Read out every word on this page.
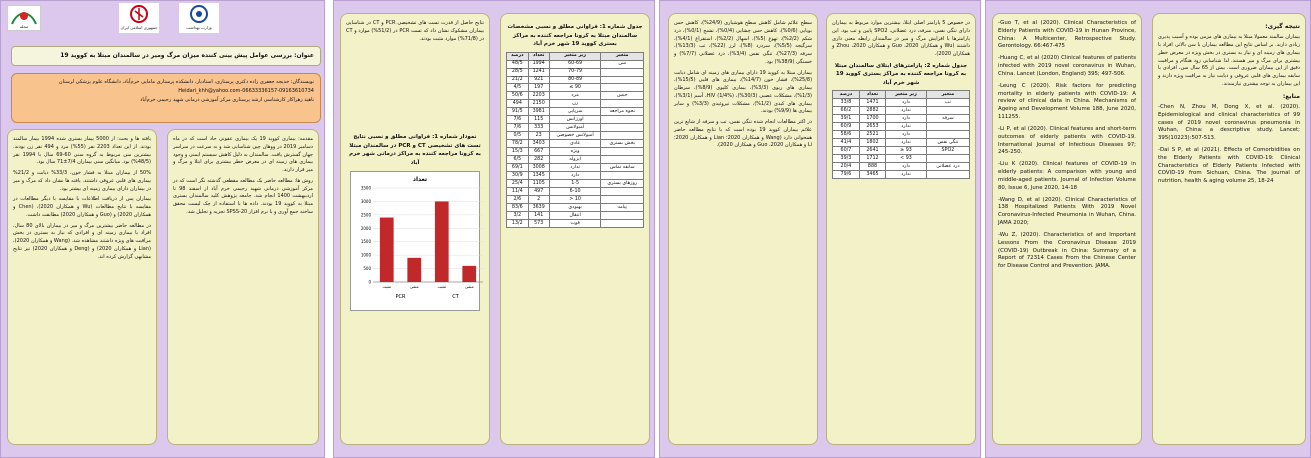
مجله	جمهوری اسلامی ایران	وزارت بهداشت
عنوان: بررسی عوامل پیش بینی کننده میزان مرگ ومیر در سالمندان مبتلا به کووید 19
نویسندگان: خدیجه جعفری زاده دکتری پرستاری، استادیار، دانشکده پرستاری مامایی خرم‌آباد، دانشگاه علوم پزشکی لرستان
Heidari_khh@yahoo.com-06633336157-09163610734
ناهید زهراکار کارشناسی ارشد پرستاری مرکز آموزشی درمانی شهید رحیمی خرم‌آباد

یافته ها و بحث: از 5000 بیمار بستری شده 1994 بیمار سالمند بودند. از این تعداد 2203 نفر (55%) مرد و 494 نفر زن بودند. بیشترین سن مربوط به گروه سنی 60-69 سال با 1994 نفر (48/5%) بود. میانگین سنی بیماران 7/4±71 سال بود.

50% از بیماران مبتلا به فشار خون، 33/3% دیابت و 21/2% بیماری های قلبی عروقی داشتند. یافته ها نشان داد که مرگ و میر در بیماران دارای بیماری زمینه ای بیشتر بود.

بیماران پس از دریافت اطلاعات با مقایسه با دیگر مطالعات در مقایسه با نتایج مطالعات (Wu و همکاران 2020)، (Chen و همکاران 2020) و (Guo و همکاران 2020) مطابقت داشت.

در مطالعه حاضر بیشترین مرگ و میر در بیماران بالای 80 سال، افراد با بیماری زمینه ای و افرادی که نیاز به بستری در بخش مراقبت های ویژه داشتند مشاهده شد. (Wang و همکاران 2020)، (Lian و همکاران 2020) و (Deng و همکاران 2020) نیز نتایج مشابهی گزارش کرده اند.

مقدمه: بیماری کووید 19 یک بیماری عفونی حاد است که در ماه دسامبر 2019 در ووهان چین شناسایی شد و به سرعت در سراسر جهان گسترش یافت. سالمندان به دلیل کاهش سیستم ایمنی و وجود بیماری های زمینه ای در معرض خطر بیشتری برای ابتلا و مرگ و میر قرار دارند.

روش ها: مطالعه حاضر یک مطالعه مقطعی گذشته نگر است که در مرکز آموزشی درمانی شهید رحیمی خرم آباد از اسفند 98 تا اردیبهشت 1400 انجام شد. جامعه پژوهش کلیه سالمندان بستری مبتلا به کووید 19 بودند. داده ها با استفاده از چک لیست محقق ساخته جمع آوری و با نرم افزار SPSS-20 تجزیه و تحلیل شد.

نتایج حاصل از قدرت تست های تشخیصی PCR و CT در شناسایی بیماران مشکوک نشان داد که تست PCR در (51/2%) موارد و CT در (71/8%) موارد مثبت بودند.

نمودار شماره 1: فراوانی مطلق و نسبی نتایج تست های تشخیصی CT و PCR در سالمندان مبتلا به کرونا مراجعه کننده به مراکز درمانی شهر خرم آباد
تعداد
0
500
1000
1500
2000
2500
3000
3500
مثبت	منفی	مثبت	منفی
PCR	CT
جدول شماره 1: فراوانی مطلق و نسبی مشخصات سالمندان مبتلا به کرونا مراجعه کننده به مراکز بستری کووید 19 شهر خرم آباد
متغیر	زیر متغیر	تعداد	درصد
سن	60-69	1994	48/5
	70-79	1241	28/5
	80-89	921	21/2
	90 ≥	197	4/5
جنس	مرد	2203	50/6
	زن	2150	494
نحوه مراجعه	سرپایی	3981	91/5
	اورژانس	115	7/6
	آمبولانس	333	7/6
	آمبولانس خصوصی	23	0/5
بخش بستری	عادی	3403	78/2
	ویژه	667	15/3
	ایزوله	282	6/5
سابقه تماس	ندارد	3008	69/1
	دارد	1345	30/9
روزهای بستری	1-5	1105	25/4
	6-10	497	11/4
	10 <	2	2/6
پیامد	بهبودی	3639	83/6
	انتقال	141	3/2
	فوت	573	13/2

سطح علائم شامل کاهش سطح هوشیاری (24/9%)، کاهش حس بویایی (0/6%)، کاهش حس چشایی (0/4%)، تشنج (0/1%)، درد شکم (2/2%)، تهوع (5%)، اسهال (2/2%)، استفراغ (4/1%)، سرگیجه (5/5%)، سردرد (8%)، لرز (22%)، تب (13/3%)، سرفه (27/3%)، تنگی نفس (3/4%)، درد عضلانی (7/7%) و خستگی (38/9%) بود.

بیماران مبتلا به کووید 19 دارای بیماری های زمینه ای شامل دیابت (25/8%)، فشار خون (14/7%)، بیماری های قلبی (15/5%)، بیماری های ریوی (3/3%)، بیماری کلیوی (8/9%)، سرطان (1/3%)، مشکلات عصبی (30/3%)، HIV (1/4%)، آسم (3/1%)، بیماری های کبدی (1/2%)، مشکلات تیروئیدی (3/3%) و سایر بیماری ها (9/9%) بودند.

در اکثر مطالعات انجام شده تنگی نفس، تب و سرفه از شایع ترین علائم بیماران کووید 19 بوده است که با نتایج مطالعه حاضر همخوانی دارد (Wang و همکاران 2020؛ Lian و همکاران 2020؛ Li و همکاران 2020، Guo و همکاران 2020).

در خصوص 5 پارامتر اصلی ابتلا، بیشترین موارد مربوط به بیماران دارای تنگی نفس، سرفه، درد عضلانی، SPO2 پایین و تب بود. این پارامترها با افزایش مرگ و میر در سالمندان رابطه معنی داری داشتند (Wu و همکاران 2020، Guo و همکاران 2020، Zhou و همکاران 2020).

جدول شماره 2: پارامترهای ابتلای سالمندان مبتلا به کرونا مراجعه کننده به مراکز بستری کووید 19 شهر خرم آباد
متغیر	زیر متغیر	تعداد	درصد
تب	دارد	1471	33/8
	ندارد	2882	66/2
سرفه	دارد	1700	39/1
	ندارد	2653	60/9
	دارد	2521	58/6
تنگی نفس	ندارد	1802	41/4
SPO2	93 ≤	2641	60/7
	93 >	1712	39/3
درد عضلانی	دارد	888	20/4
	ندارد	3465	79/6
-Guo T, et al (2020). Clinical Characteristics of Elderly Patients with COVID-19 in Hunan Province, China: A Multicenter, Retrospective Study. Gerontology. 66:467-475
-Huang C, et al (2020) Clinical features of patients infected with 2019 novel coronavirus in Wuhan, China. Lancet (London, England) 395; 497-506.
-Leung C (2020). Risk factors for predicting mortality in elderly patients with COVID-19: A review of clinical data in China. Mechanisms of Ageing and Development Volume 188, June 2020, 111255.
-Li P, et al (2020). Clinical features and short-term outcomes of elderly patients with COVID-19. International Journal of Infectious Diseases 97; 245-250.
-Liu K (2020). Clinical features of COVID-19 in elderly patients: A comparison with young and middle-aged patients. Journal of Infection Volume 80, Issue 6, June 2020, 14-18
-Wang D, et al (2020). Clinical Characteristics of 138 Hospitalized Patients With 2019 Novel Coronavirus-Infected Pneumonia in Wuhan, China. JAMA 2020;
-Wu Z, (2020). Characteristics of and Important Lessons From the Coronavirus Disease 2019 (COVID-19) Outbreak in China: Summary of a Report of 72314 Cases From the Chinese Center for Disease Control and Prevention. JAMA.
نتیجه گیری:

بیماران سالمند معمولا مبتلا به بیماری های مزمن بوده و آسیب پذیری زیادی دارند. بر اساس نتایج این مطالعه بیماران با سن بالاتر، افراد با بیماری های زمینه ای و نیاز به بستری در بخش ویژه در معرض خطر بیشتری برای مرگ و میر هستند. لذا شناسایی زود هنگام و مراقبت دقیق از این بیماران ضروری است. بیش از 65 سال سن، افرادی با سابقه بیماری های قلبی عروقی و دیابت نیاز به مراقبت ویژه دارند و این بیماران به توجه بیشتری نیازمندند.

منابع:
-Chen N, Zhou M, Dong X, et al. (2020). Epidemiological and clinical characteristics of 99 cases of 2019 novel coronavirus pneumonia in Wuhan, China: a descriptive study. Lancet; 395(10223):507-513.
-Dai S P, et al (2021). Effects of Comorbidities on the Elderly Patients with COVID-19: Clinical Characteristics of Elderly Patients Infected with COVID-19 from Sichuan, China. The journal of nutrition, health & aging volume 25, 18-24
